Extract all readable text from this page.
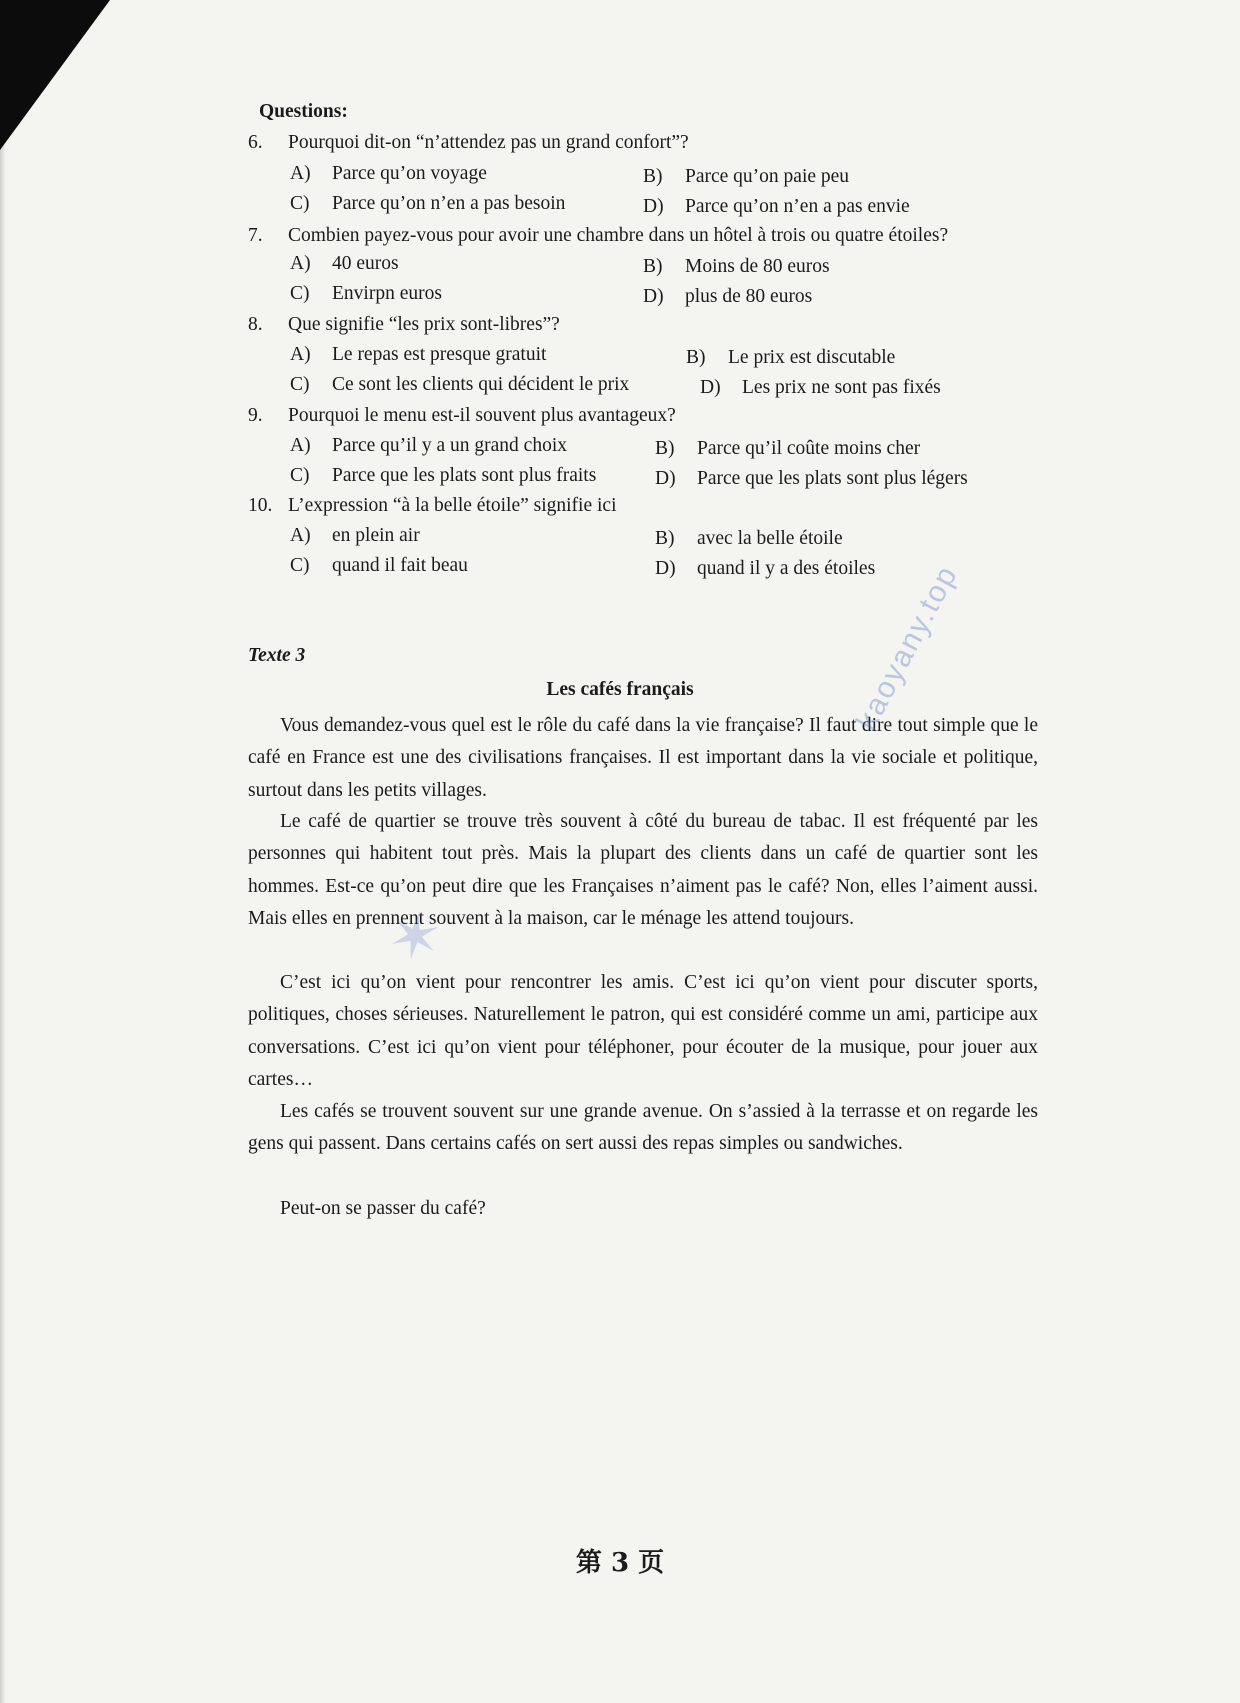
Questions:
6. Pourquoi dit-on “n’attendez pas un grand confort”?
A) Parce qu’on voyage	B) Parce qu’on paie peu
C) Parce qu’on n’en a pas besoin	D) Parce qu’on n’en a pas envie
7. Combien payez-vous pour avoir une chambre dans un hôtel à trois ou quatre étoiles?
A) 40 euros	B) Moins de 80 euros
C) Envirpn euros	D) plus de 80 euros
8. Que signifie “les prix sont-libres”?
A) Le repas est presque gratuit	B) Le prix est discutable
C) Ce sont les clients qui décident le prix	D) Les prix ne sont pas fixés
9. Pourquoi le menu est-il souvent plus avantageux?
A) Parce qu’il y a un grand choix	B) Parce qu’il coûte moins cher
C) Parce que les plats sont plus fraits	D) Parce que les plats sont plus légers
10. L’expression “à la belle étoile” signifie ici
A) en plein air	B) avec la belle étoile
C) quand il fait beau	D) quand il y a des étoiles
Texte 3
Les cafés français
Vous demandez-vous quel est le rôle du café dans la vie française? Il faut dire tout simple que le café en France est une des civilisations françaises. Il est important dans la vie sociale et politique, surtout dans les petits villages.
Le café de quartier se trouve très souvent à côté du bureau de tabac. Il est fréquenté par les personnes qui habitent tout près. Mais la plupart des clients dans un café de quartier sont les hommes. Est-ce qu’on peut dire que les Françaises n’aiment pas le café? Non, elles l’aiment aussi. Mais elles en prennent souvent à la maison, car le ménage les attend toujours.
C’est ici qu’on vient pour rencontrer les amis. C’est ici qu’on vient pour discuter sports, politiques, choses sérieuses. Naturellement le patron, qui est considéré comme un ami, participe aux conversations. C’est ici qu’on vient pour téléphoner, pour écouter de la musique, pour jouer aux cartes…
Les cafés se trouvent souvent sur une grande avenue. On s’assied à la terrasse et on regarde les gens qui passent. Dans certains cafés on sert aussi des repas simples ou sandwiches.
Peut-on se passer du café?
✶
kaoyany.top
第 3 页
